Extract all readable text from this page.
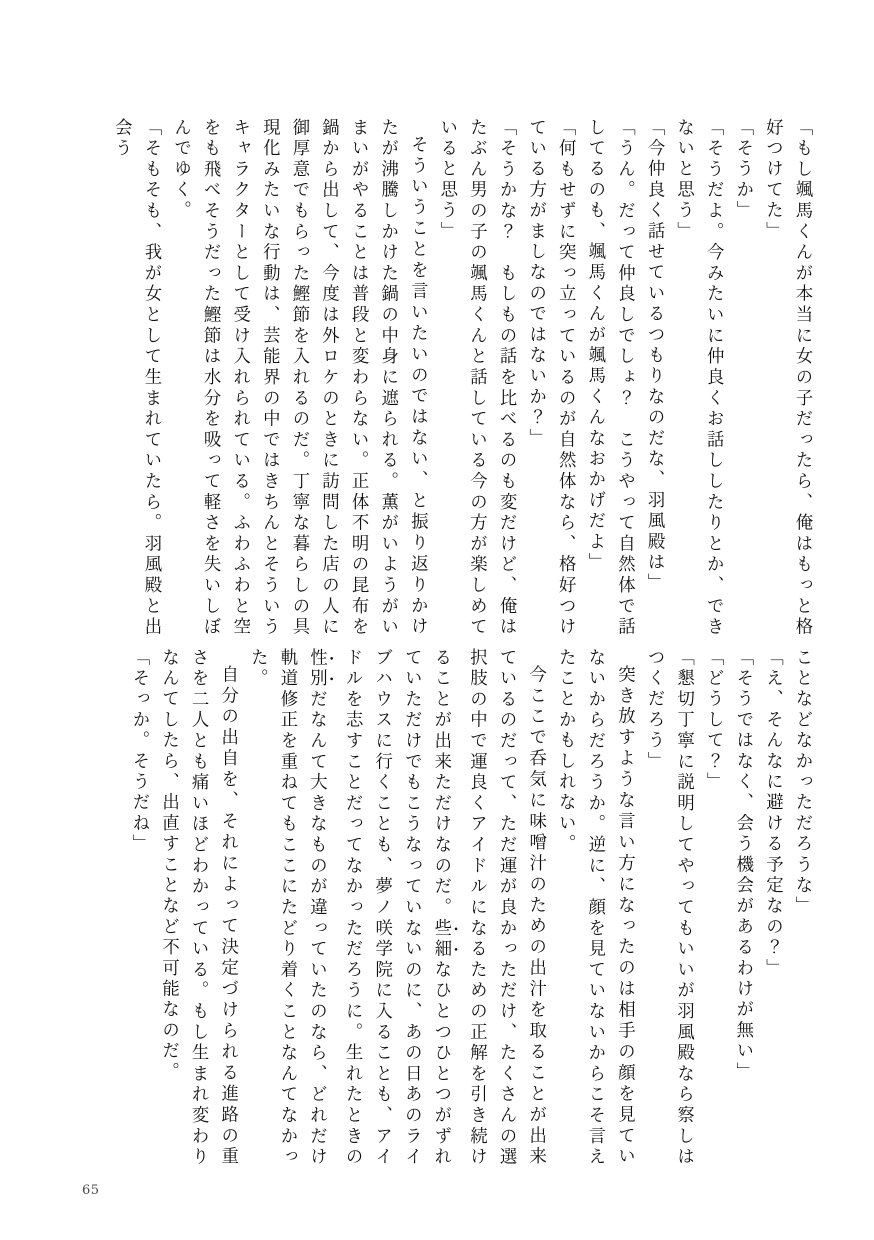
「もし颯馬くんが本当に女の子だったら、俺はもっと格好つけてた」

「そうか」

「そうだよ。今みたいに仲良くお話ししたりとか、できないと思う」

「今仲良く話せているつもりなのだな、羽風殿は」

「うん。だって仲良しでしょ？　こうやって自然体で話してるのも、颯馬くんが颯馬くんなおかげだよ」

「何もせずに突っ立っているのが自然体なら、格好つけている方がましなのではないか？」

「そうかな？　もしもの話を比べるのも変だけど、俺はたぶん男の子の颯馬くんと話している今の方が楽しめていると思う」

そういうことを言いたいのではない、と振り返りかけたが沸騰しかけた鍋の中身に遮られる。薫がいようがいまいがやることは普段と変わらない。正体不明の昆布を鍋から出して、今度は外ロケのときに訪問した店の人に御厚意でもらった鰹節を入れるのだ。丁寧な暮らしの具現化みたいな行動は、芸能界の中ではきちんとそういうキャラクターとして受け入れられている。ふわふわと空をも飛べそうだった鰹節は水分を吸って軽さを失いしぼんでゆく。

「そもそも、我が女として生まれていたら。羽風殿と出会う

ことなどなかっただろうな」

「え、そんなに避ける予定なの？」

「そうではなく、会う機会があるわけが無い」

「どうして？」

「懇切丁寧に説明してやってもいいが羽風殿なら察しはつくだろう」

突き放すような言い方になったのは相手の顔を見ていないからだろうか。逆に、顔を見ていないからこそ言えたことかもしれない。

今ここで呑気に味噌汁のための出汁を取ることが出来ているのだって、ただ運が良かっただけ、たくさんの選択肢の中で運良くアイドルになるための正解を引き続けることが出来ただけなのだ。些細なひとつひとつがずれていただけでもこうなっていないのに、あの日あのライブハウスに行くことも、夢ノ咲学院に入ることも、アイドルを志すことだってなかっただろうに。生れたときの性別だなんて大きなものが違っていたのなら、どれだけ軌道修正を重ねてもここにたどり着くことなんてなかった。

自分の出自を、それによって決定づけられる進路の重さを二人とも痛いほどわかっている。もし生まれ変わりなんてしたら、出直すことなど不可能なのだ。

「そっか。そうだね」

65
